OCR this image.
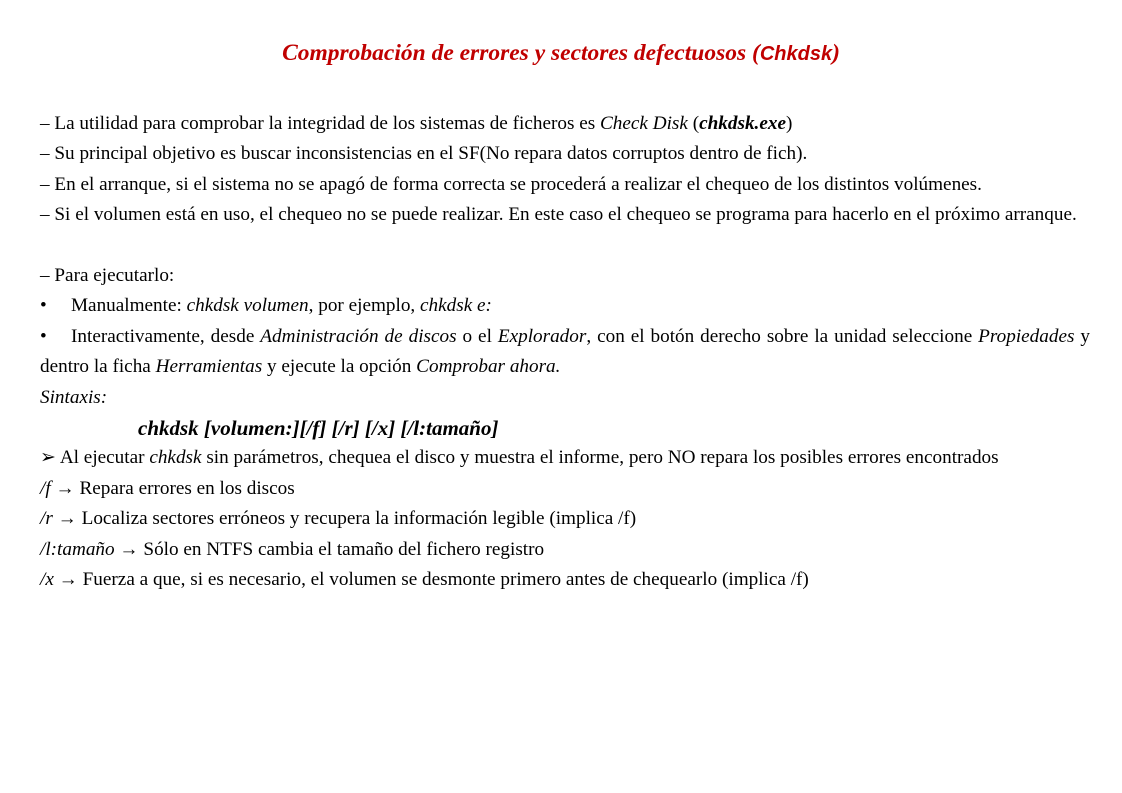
Comprobación de errores y sectores defectuosos (Chkdsk)
– La utilidad para comprobar la integridad de los sistemas de ficheros es Check Disk (chkdsk.exe)
– Su principal objetivo es buscar inconsistencias en el SF(No repara datos corruptos dentro de fich).
– En el arranque, si el sistema no se apagó de forma correcta se procederá a realizar el chequeo de los distintos volúmenes.
– Si el volumen está en uso, el chequeo no se puede realizar. En este caso el chequeo se programa para hacerlo en el próximo arranque.
– Para ejecutarlo:
• Manualmente: chkdsk volumen, por ejemplo, chkdsk e:
• Interactivamente, desde Administración de discos o el Explorador, con el botón derecho sobre la unidad seleccione Propiedades y dentro la ficha Herramientas y ejecute la opción Comprobar ahora.
Sintaxis:
chkdsk [volumen:][/f] [/r] [/x] [/l:tamaño]
➢ Al ejecutar chkdsk sin parámetros, chequea el disco y muestra el informe, pero NO repara los posibles errores encontrados
/f → Repara errores en los discos
/r → Localiza sectores erróneos y recupera la información legible (implica /f)
/l:tamaño → Sólo en NTFS cambia el tamaño del fichero registro
/x → Fuerza a que, si es necesario, el volumen se desmonte primero antes de chequearlo (implica /f)
